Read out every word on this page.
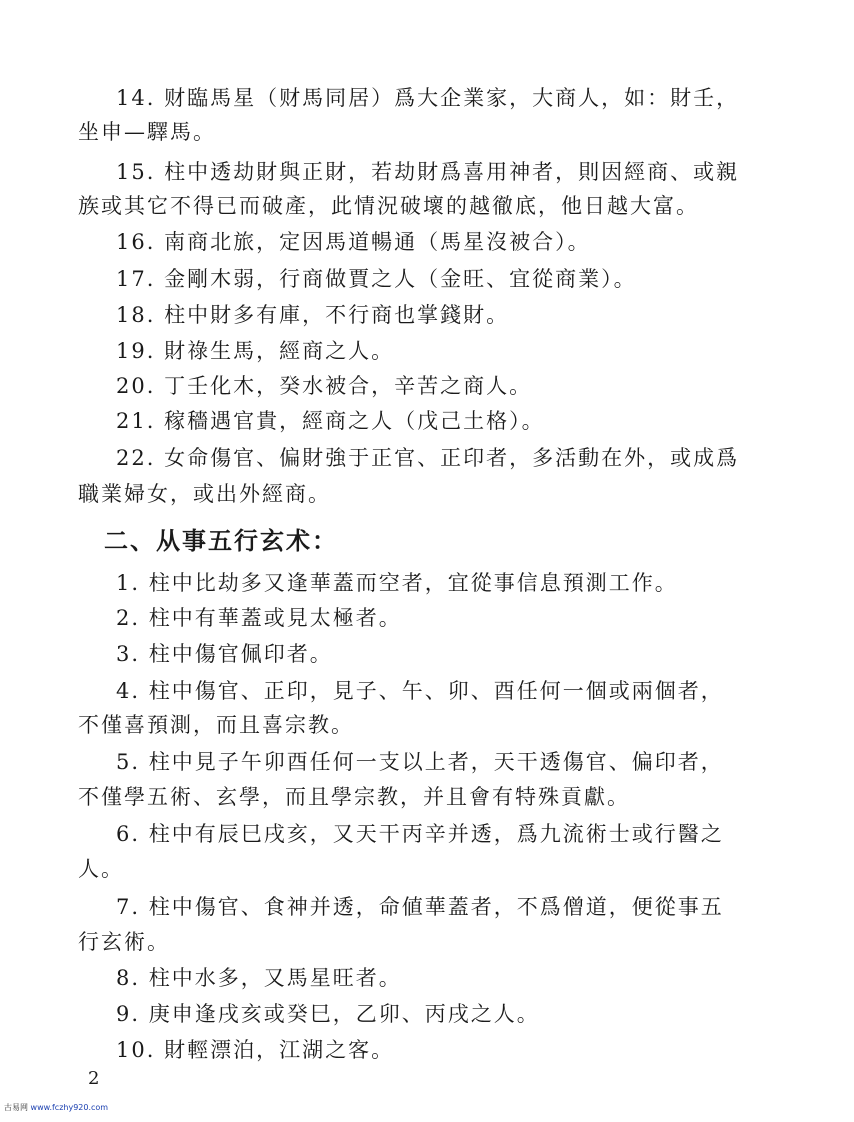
14. 财臨馬星（财馬同居）爲大企業家，大商人，如：財壬，
坐申—驛馬。
15. 柱中透劫財與正財，若劫財爲喜用神者，則因經商、或親
族或其它不得已而破產，此情況破壞的越徹底，他日越大富。
16. 南商北旅，定因馬道暢通（馬星沒被合）。
17. 金剛木弱，行商做賈之人（金旺、宜從商業）。
18. 柱中財多有庫，不行商也掌錢財。
19. 財祿生馬，經商之人。
20. 丁壬化木，癸水被合，辛苦之商人。
21. 稼穡遇官貴，經商之人（戊己土格）。
22. 女命傷官、偏財強于正官、正印者，多活動在外，或成爲
職業婦女，或出外經商。
二、从事五行玄术：
1. 柱中比劫多又逢華蓋而空者，宜從事信息預測工作。
2. 柱中有華蓋或見太極者。
3. 柱中傷官佩印者。
4. 柱中傷官、正印，見子、午、卯、酉任何一個或兩個者，
不僅喜預測，而且喜宗教。
5. 柱中見子午卯酉任何一支以上者，天干透傷官、偏印者，
不僅學五術、玄學，而且學宗教，并且會有特殊貢獻。
6. 柱中有辰巳戌亥，又天干丙辛并透，爲九流術士或行醫之
人。
7. 柱中傷官、食神并透，命値華蓋者，不爲僧道，便從事五
行玄術。
8. 柱中水多，又馬星旺者。
9. 庚申逢戌亥或癸巳，乙卯、丙戌之人。
10. 財輕漂泊，江湖之客。
2
古易网 www.fczhy920.com
